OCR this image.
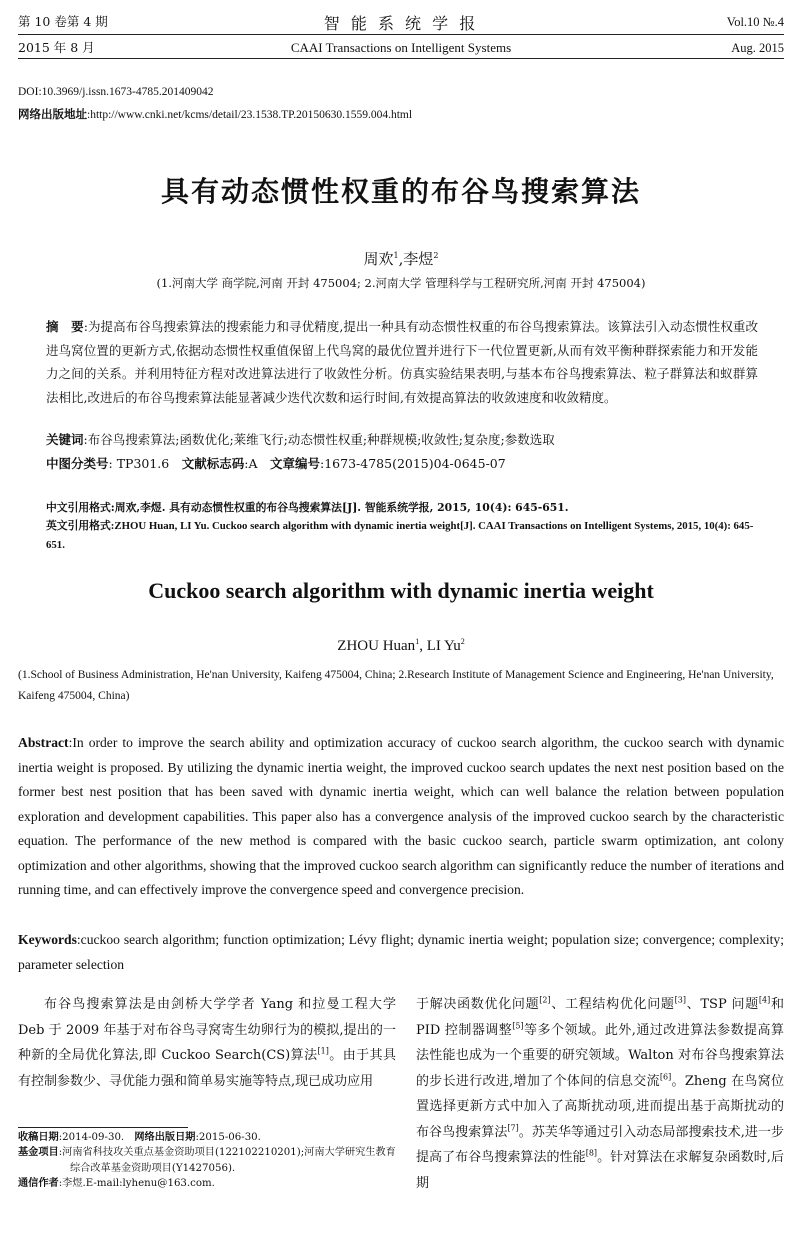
第 10 卷第 4 期
2015 年 8 月
智 能 系 统 学 报
CAAI Transactions on Intelligent Systems
Vol.10 №.4
Aug. 2015
DOI:10.3969/j.issn.1673-4785.201409042
网络出版地址:http://www.cnki.net/kcms/detail/23.1538.TP.20150630.1559.004.html
具有动态惯性权重的布谷鸟搜索算法
周欢$^1$,李煜$^2$
(1.河南大学 商学院,河南 开封 475004; 2.河南大学 管理科学与工程研究所,河南 开封 475004)
摘　要:为提高布谷鸟搜索算法的搜索能力和寻优精度,提出一种具有动态惯性权重的布谷鸟搜索算法。该算法引入动态惯性权重改进鸟窝位置的更新方式,依据动态惯性权重值保留上代鸟窝的最优位置并进行下一代位置更新,从而有效平衡种群探索能力和开发能力之间的关系。并利用特征方程对改进算法进行了收敛性分析。仿真实验结果表明,与基本布谷鸟搜索算法、粒子群算法和蚁群算法相比,改进后的布谷鸟搜索算法能显著减少迭代次数和运行时间,有效提高算法的收敛速度和收敛精度。
关键词:布谷鸟搜索算法;函数优化;莱维飞行;动态惯性权重;种群规模;收敛性;复杂度;参数选取
中图分类号: TP301.6　文献标志码:A　文章编号:1673-4785(2015)04-0645-07
中文引用格式:周欢,李煜. 具有动态惯性权重的布谷鸟搜索算法[J]. 智能系统学报, 2015, 10(4): 645-651.
英文引用格式:ZHOU Huan, LI Yu. Cuckoo search algorithm with dynamic inertia weight[J]. CAAI Transactions on Intelligent Systems, 2015, 10(4): 645-651.
Cuckoo search algorithm with dynamic inertia weight
ZHOU Huan$^1$, LI Yu$^2$
(1.School of Business Administration, He'nan University, Kaifeng 475004, China; 2.Research Institute of Management Science and Engineering, He'nan University, Kaifeng 475004, China)
Abstract:In order to improve the search ability and optimization accuracy of cuckoo search algorithm, the cuckoo search with dynamic inertia weight is proposed. By utilizing the dynamic inertia weight, the improved cuckoo search updates the next nest position based on the former best nest position that has been saved with dynamic inertia weight, which can well balance the relation between population exploration and development capabilities. This paper also has a convergence analysis of the improved cuckoo search by the characteristic equation. The performance of the new method is compared with the basic cuckoo search, particle swarm optimization, ant colony optimization and other algorithms, showing that the improved cuckoo search algorithm can significantly reduce the number of iterations and running time, and can effectively improve the convergence speed and convergence precision.
Keywords:cuckoo search algorithm; function optimization; Lévy flight; dynamic inertia weight; population size; convergence; complexity; parameter selection
布谷鸟搜索算法是由剑桥大学学者 Yang 和拉曼工程大学 Deb 于 2009 年基于对布谷鸟寻窝寄生幼卵行为的模拟,提出的一种新的全局优化算法,即 Cuckoo Search(CS)算法[1]。由于其具有控制参数少、寻优能力强和简单易实施等特点,现已成功应用
收稿日期:2014-09-30.　网络出版日期:2015-06-30.
基金项目:河南省科技攻关重点基金资助项目(122102210201);河南大学研究生教育综合改革基金资助项目(Y1427056).
通信作者:李煜.E-mail:lyhenu@163.com.
于解决函数优化问题[2]、工程结构优化问题[3]、TSP 问题[4]和 PID 控制器调整[5]等多个领域。此外,通过改进算法参数提高算法性能也成为一个重要的研究领域。Walton 对布谷鸟搜索算法的步长进行改进,增加了个体间的信息交流[6]。Zheng 在鸟窝位置选择更新方式中加入了高斯扰动项,进而提出基于高斯扰动的布谷鸟搜索算法[7]。苏芙华等通过引入动态局部搜索技术,进一步提高了布谷鸟搜索算法的性能[8]。针对算法在求解复杂函数时,后期
